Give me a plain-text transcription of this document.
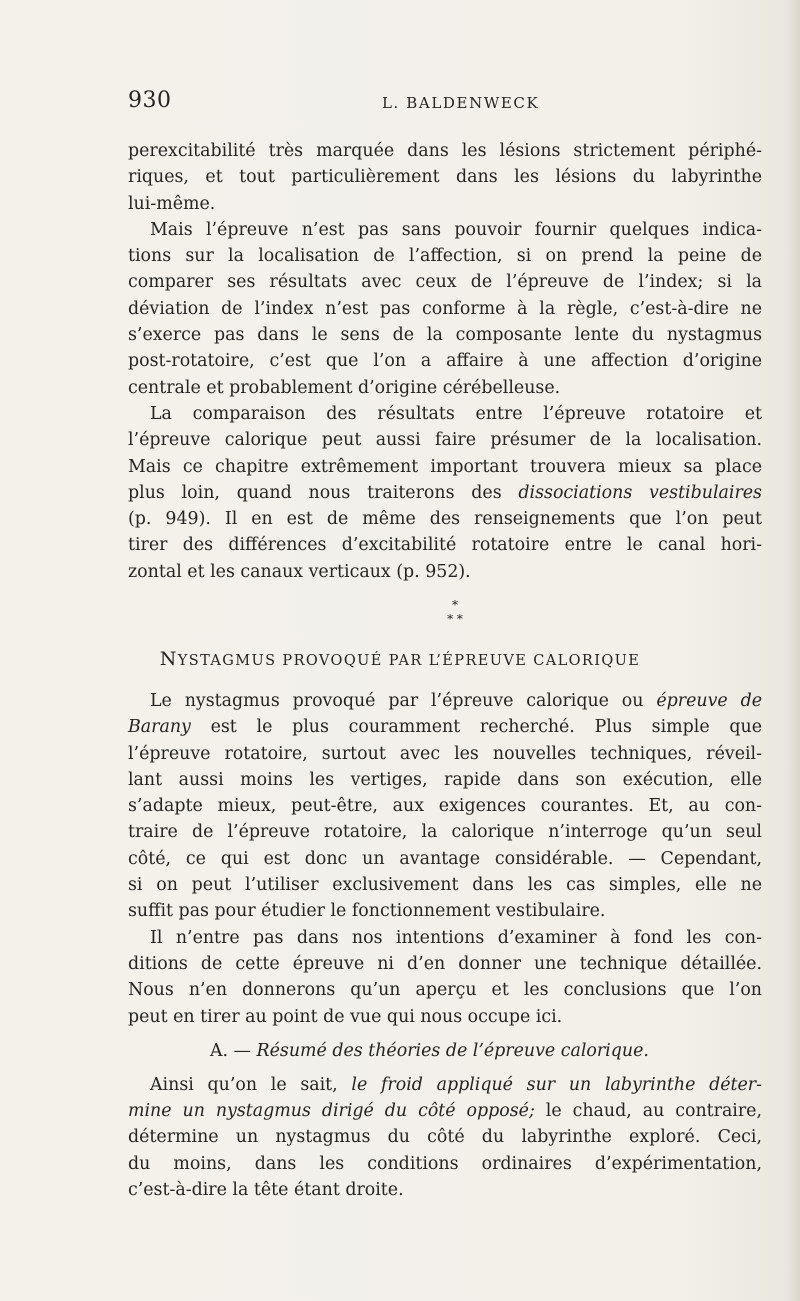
930	L. BALDENWECK
perexcitabilité très marquée dans les lésions strictement périphé-
riques, et tout particulièrement dans les lésions du labyrinthe
lui-même.
Mais l’épreuve n’est pas sans pouvoir fournir quelques indica-
tions sur la localisation de l’affection, si on prend la peine de
comparer ses résultats avec ceux de l’épreuve de l’index; si la
déviation de l’index n’est pas conforme à la règle, c’est-à-dire ne
s’exerce pas dans le sens de la composante lente du nystagmus
post-rotatoire, c’est que l’on a affaire à une affection d’origine
centrale et probablement d’origine cérébelleuse.
La comparaison des résultats entre l’épreuve rotatoire et
l’épreuve calorique peut aussi faire présumer de la localisation.
Mais ce chapitre extrêmement important trouvera mieux sa place
plus loin, quand nous traiterons des dissociations vestibulaires
(p. 949). Il en est de même des renseignements que l’on peut
tirer des différences d’excitabilité rotatoire entre le canal hori-
zontal et les canaux verticaux (p. 952).
*
* *
NYSTAGMUS PROVOQUÉ PAR L’ÉPREUVE CALORIQUE
Le nystagmus provoqué par l’épreuve calorique ou épreuve de
Barany est le plus couramment recherché. Plus simple que
l’épreuve rotatoire, surtout avec les nouvelles techniques, réveil-
lant aussi moins les vertiges, rapide dans son exécution, elle
s’adapte mieux, peut-être, aux exigences courantes. Et, au con-
traire de l’épreuve rotatoire, la calorique n’interroge qu’un seul
côté, ce qui est donc un avantage considérable. — Cependant,
si on peut l’utiliser exclusivement dans les cas simples, elle ne
suffit pas pour étudier le fonctionnement vestibulaire.
Il n’entre pas dans nos intentions d’examiner à fond les con-
ditions de cette épreuve ni d’en donner une technique détaillée.
Nous n’en donnerons qu’un aperçu et les conclusions que l’on
peut en tirer au point de vue qui nous occupe ici.
A. — Résumé des théories de l’épreuve calorique.
Ainsi qu’on le sait, le froid appliqué sur un labyrinthe déter-
mine un nystagmus dirigé du côté opposé; le chaud, au contraire,
détermine un nystagmus du côté du labyrinthe exploré. Ceci,
du moins, dans les conditions ordinaires d’expérimentation,
c’est-à-dire la tête étant droite.
